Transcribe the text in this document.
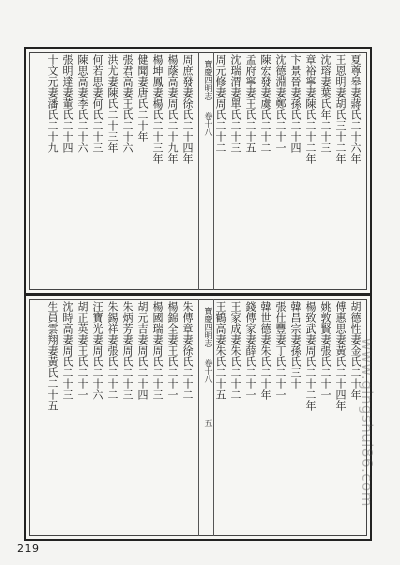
夏尊皋妻蔣氏二十六年
王恩明妻胡氏三十二年
沈瑢妻葉氏年二十三
章裕寧妻陳氏二十二年
卞景晉妻孫氏二十四
沈德淵妻鄭氏二十一
陳宏發妻虞氏二十二
孟府寧妻王氏二十五
沈瑞渭妻單氏二十三
周元修妻周氏二十二
寶慶四明志
卷十八
周庶發妻徐氏二十四年
楊蔭高妻周氏二十九年
楊坤鳳妻楊氏二十三年
健聞妻唐氏二十年
張君高妻王氏二十六
洪尤妻陳氏二十三年
何若思妻何氏二十三
陳思高妻李氏二十六
張明達妻董氏二十四
十文元妻潘氏二十九
胡德性妻金氏二十年
傅惠思妻黃氏二十四年
姚敦賢妻張氏二十一
楊致武妻周氏二十二年
韓昌宗妻孫氏三十
張仕豐妻丁氏二十一
韓世德妻朱氏二十年
錢傳家妻薛氏二十一
王家成妻朱氏二十二
王鶴高妻朱氏二十五
寶慶四明志
卷十八
五
朱傳章妻徐氏二十二
楊錦全妻王氏二十一
楊國瑞妻周氏二十三
胡元吉妻周氏二十四
朱炳芳妻周氏二十三
朱錫祥妻張氏二十二
汪寶光妻周氏二十六
胡正英妻王氏二十一
沈時高妻周氏二十三
生員雲翔妻黃氏二十五	www.gingshui86.com
219
